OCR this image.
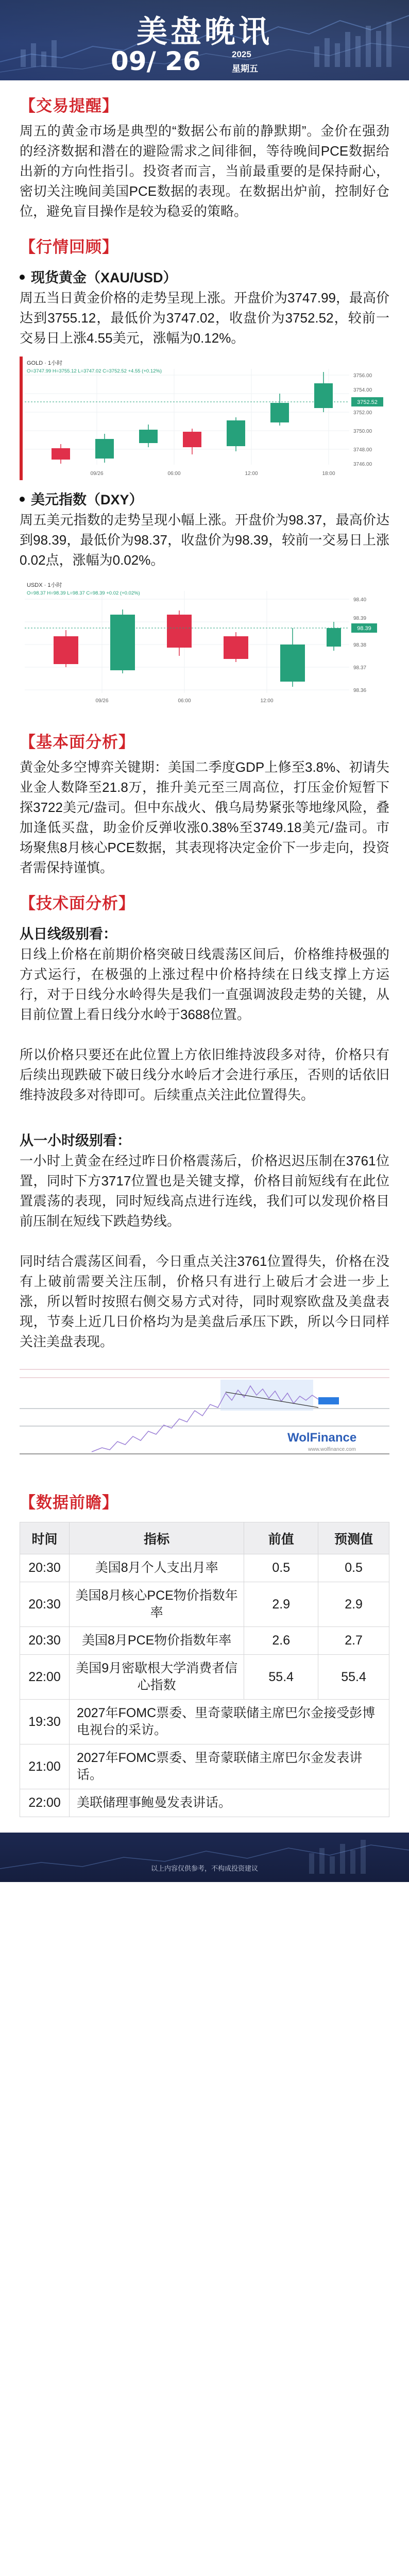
美盘晚讯
09/ 26	2025
星期五
【交易提醒】

周五的黄金市场是典型的“数据公布前的静默期”。金价在强劲的经济数据和潜在的避险需求之间徘徊，等待晚间PCE数据给出新的方向性指引。投资者而言，当前最重要的是保持耐心，密切关注晚间美国PCE数据的表现。在数据出炉前，控制好仓位，避免盲目操作是较为稳妥的策略。

【行情回顾】
现货黄金（XAU/USD）

周五当日黄金价格的走势呈现上涨。开盘价为3747.99，最高价达到3755.12，最低价为3747.02，收盘价为3752.52，较前一交易日上涨4.55美元，涨幅为0.12%。

GOLD · 1小时
O=3747.99 H=3755.12 L=3747.02 C=3752.52 +4.55 (+0.12%)
3752.52
3756.00
3754.00
3752.00
3750.00
3748.00
3746.00
09/26	06:00	12:00	18:00
美元指数（DXY）

周五美元指数的走势呈现小幅上涨。开盘价为98.37，最高价达到98.39，最低价为98.37，收盘价为98.39，较前一交易日上涨0.02点，涨幅为0.02%。

USDX · 1小时
O=98.37 H=98.39 L=98.37 C=98.39 +0.02 (+0.02%)
98.39
98.40
98.39
98.38
98.37
98.36
09/26	06:00	12:00
【基本面分析】

黄金处多空博弈关键期：美国二季度GDP上修至3.8%、初请失业金人数降至21.8万，推升美元至三周高位，打压金价短暂下探3722美元/盎司。但中东战火、俄乌局势紧张等地缘风险，叠加逢低买盘，助金价反弹收涨0.38%至3749.18美元/盎司。市场聚焦8月核心PCE数据，其表现将决定金价下一步走向，投资者需保持谨慎。

【技术面分析】
从日线级别看：

日线上价格在前期价格突破日线震荡区间后，价格维持极强的方式运行，在极强的上涨过程中价格持续在日线支撑上方运行，对于日线分水岭得失是我们一直强调波段走势的关键，从目前位置上看日线分水岭于3688位置。

所以价格只要还在此位置上方依旧维持波段多对待，价格只有后续出现跌破下破日线分水岭后才会进行承压，否则的话依旧维持波段多对待即可。后续重点关注此位置得失。

从一小时级别看：

一小时上黄金在经过昨日价格震荡后，价格迟迟压制在3761位置，同时下方3717位置也是关键支撑，价格目前短线有在此位置震荡的表现，同时短线高点进行连线，我们可以发现价格目前压制在短线下跌趋势线。

同时结合震荡区间看，今日重点关注3761位置得失，价格在没有上破前需要关注压制，价格只有进行上破后才会进一步上涨，所以暂时按照右侧交易方式对待，同时观察欧盘及美盘表现，节奏上近几日价格均为是美盘后承压下跌，所以今日同样关注美盘表现。

WolFinance
www.wolfinance.com
【数据前瞻】
时间	指标	前值	预测值
20:30	美国8月个人支出月率	0.5	0.5
20:30	美国8月核心PCE物价指数年率	2.9	2.9
20:30	美国8月PCE物价指数年率	2.6	2.7
22:00	美国9月密歇根大学消费者信心指数	55.4	55.4
19:30	2027年FOMC票委、里奇蒙联储主席巴尔金接受彭博电视台的采访。		
21:00	2027年FOMC票委、里奇蒙联储主席巴尔金发表讲话。		
22:00	美联储理事鲍曼发表讲话。		
以上内容仅供参考，不构成投资建议
